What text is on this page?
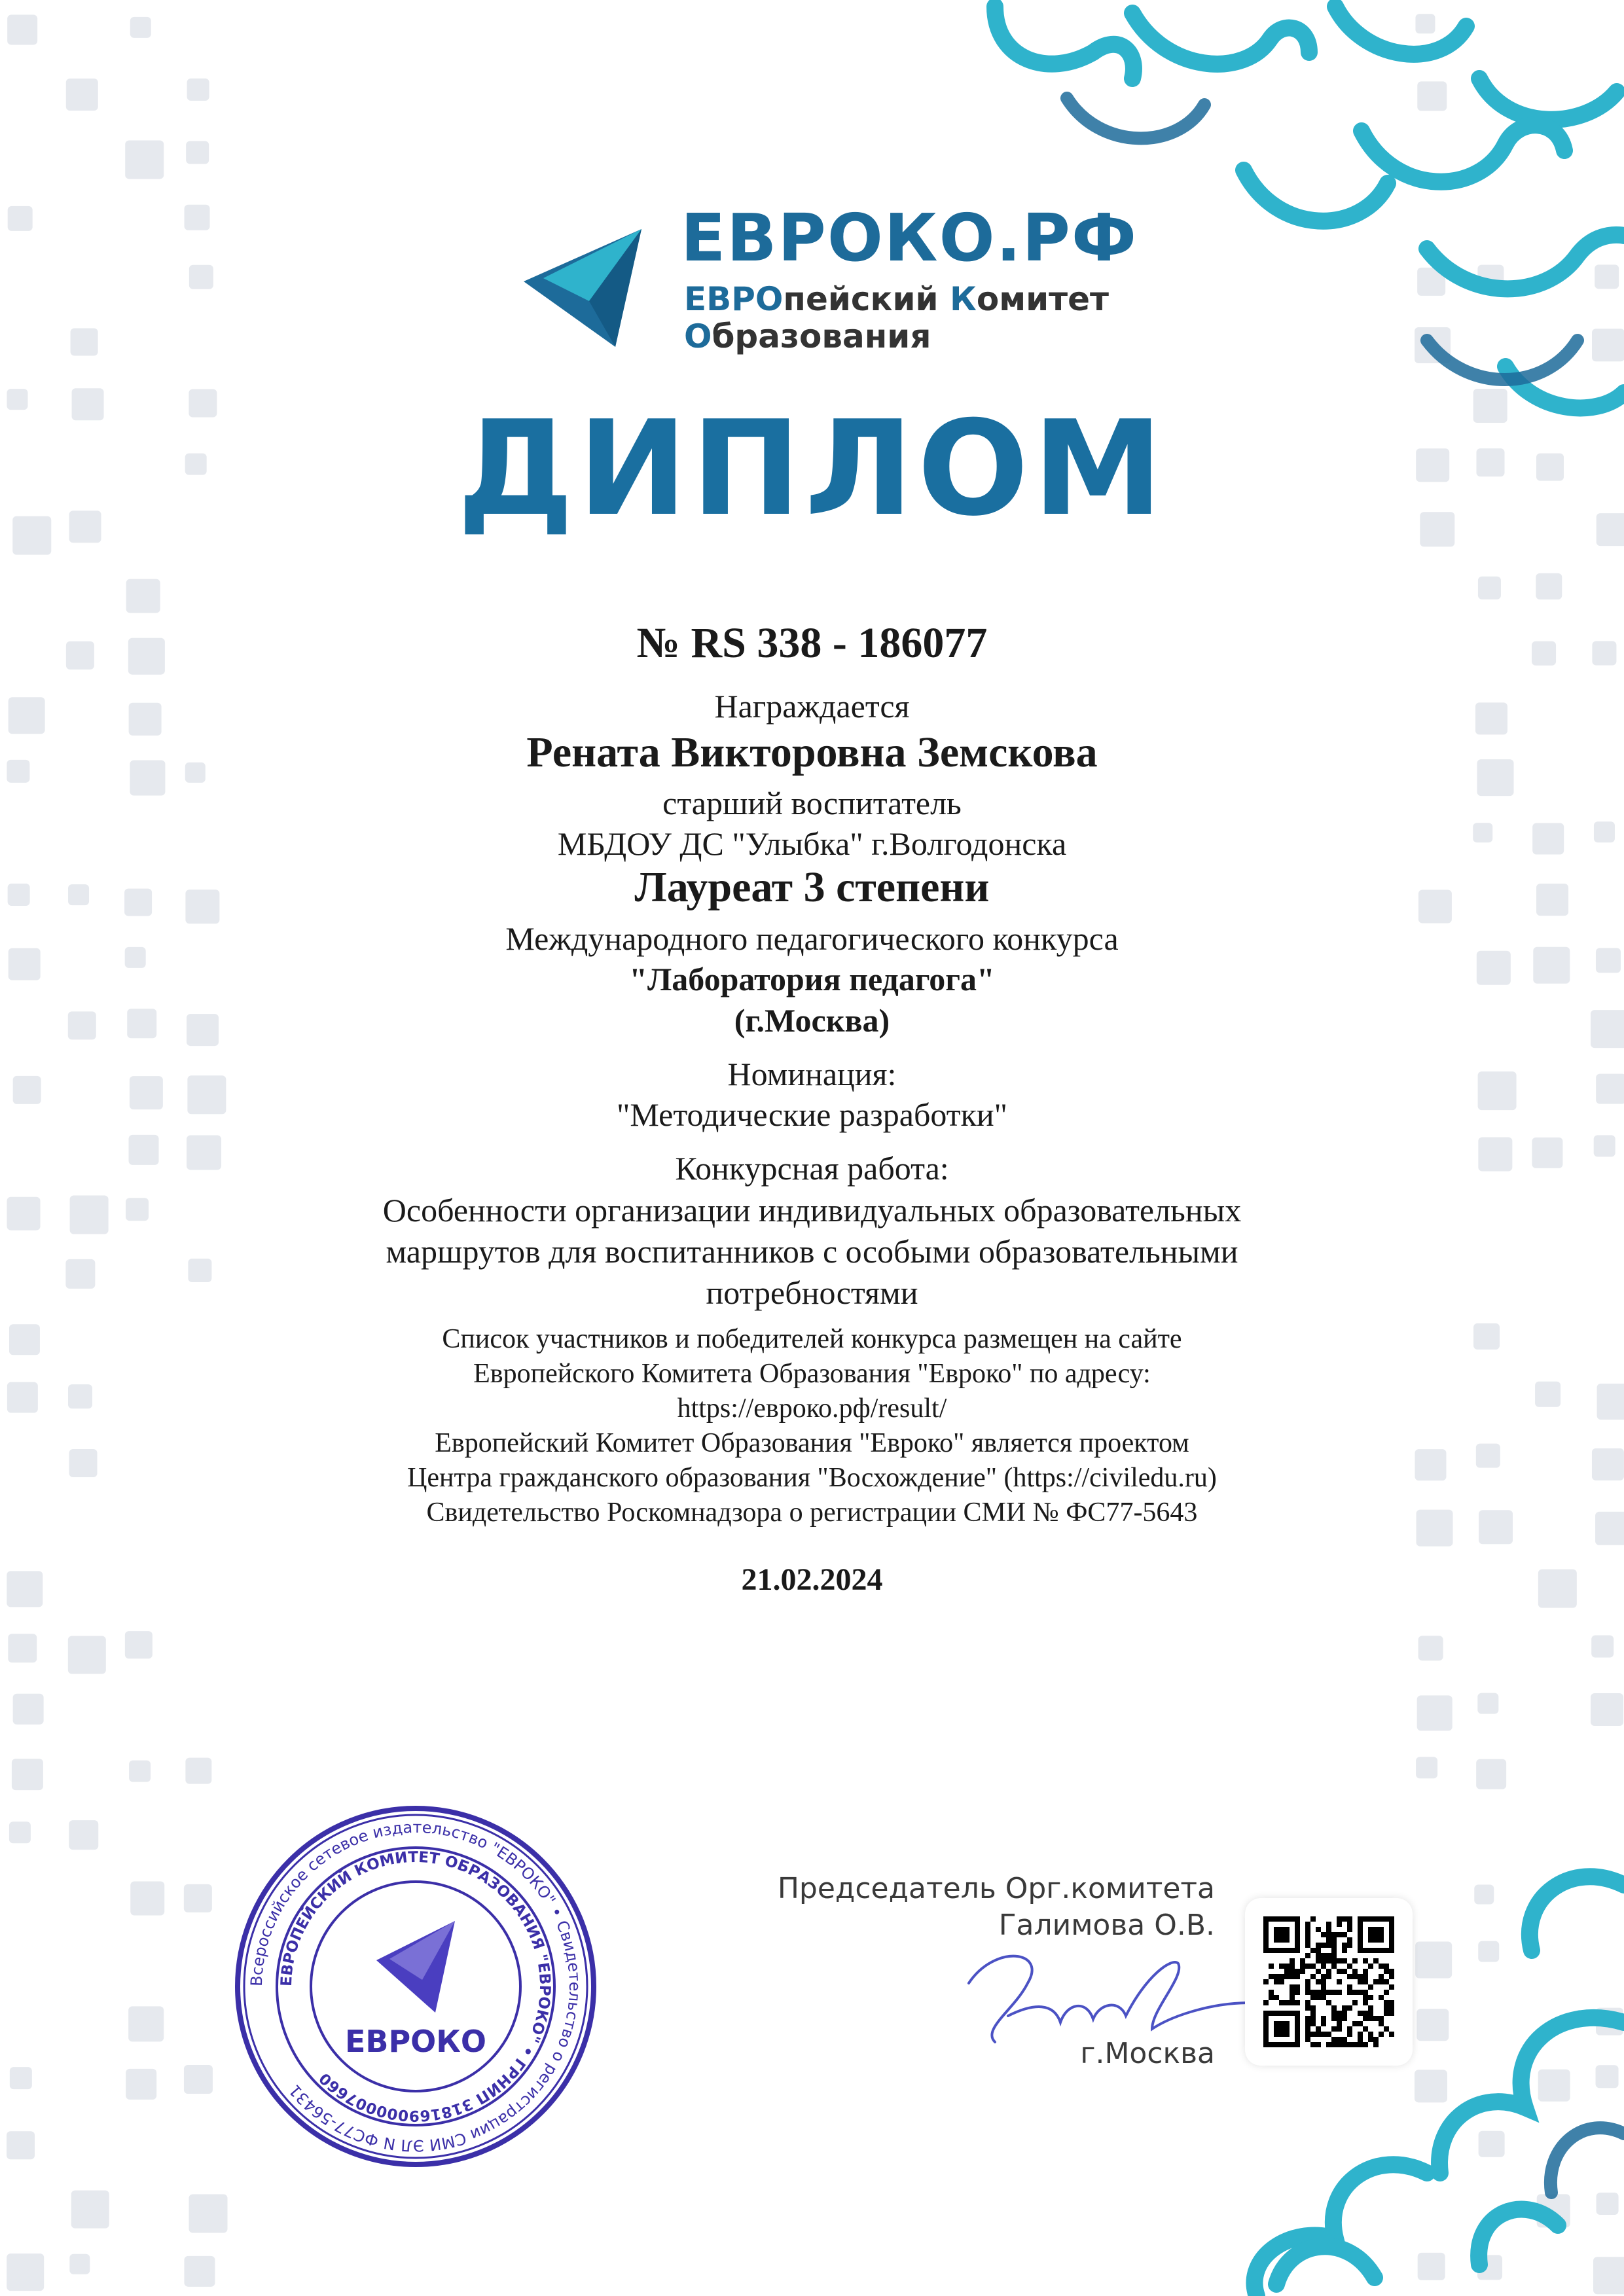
ЕВРОКО.РФ
ЕВРОпейский Комитет
Образования
ДИПЛОМ
№ RS 338 - 186077
Награждается
Рената Викторовна Земскова
старший воспитатель
МБДОУ ДС "Улыбка" г.Волгодонска
Лауреат 3 степени
Международного педагогического конкурса
"Лаборатория педагога"
(г.Москва)
Номинация:
"Методические разработки"
Конкурсная работа:
Особенности организации индивидуальных образовательных
маршрутов для воспитанников с особыми образовательными
потребностями
Список участников и победителей конкурса размещен на сайте
Европейского Комитета Образования "Евроко" по адресу:
https://евроко.рф/result/
Европейский Комитет Образования "Евроко" является проектом
Центра гражданского образования "Восхождение" (https://civiledu.ru)
Свидетельство Роскомнадзора о регистрации СМИ № ФС77-5643
21.02.2024
Всероссийское сетевое издательство "ЕВРОКО" • Свидетельство о регистрации СМИ ЭЛ N ФС77-56431
ЕВРОПЕЙСКИЙ КОМИТЕТ ОБРАЗОВАНИЯ "ЕВРОКО" • ГРНИП 318169000007660
ЕВРОКО
Председатель Орг.комитета
Галимова О.В.
г.Москва
